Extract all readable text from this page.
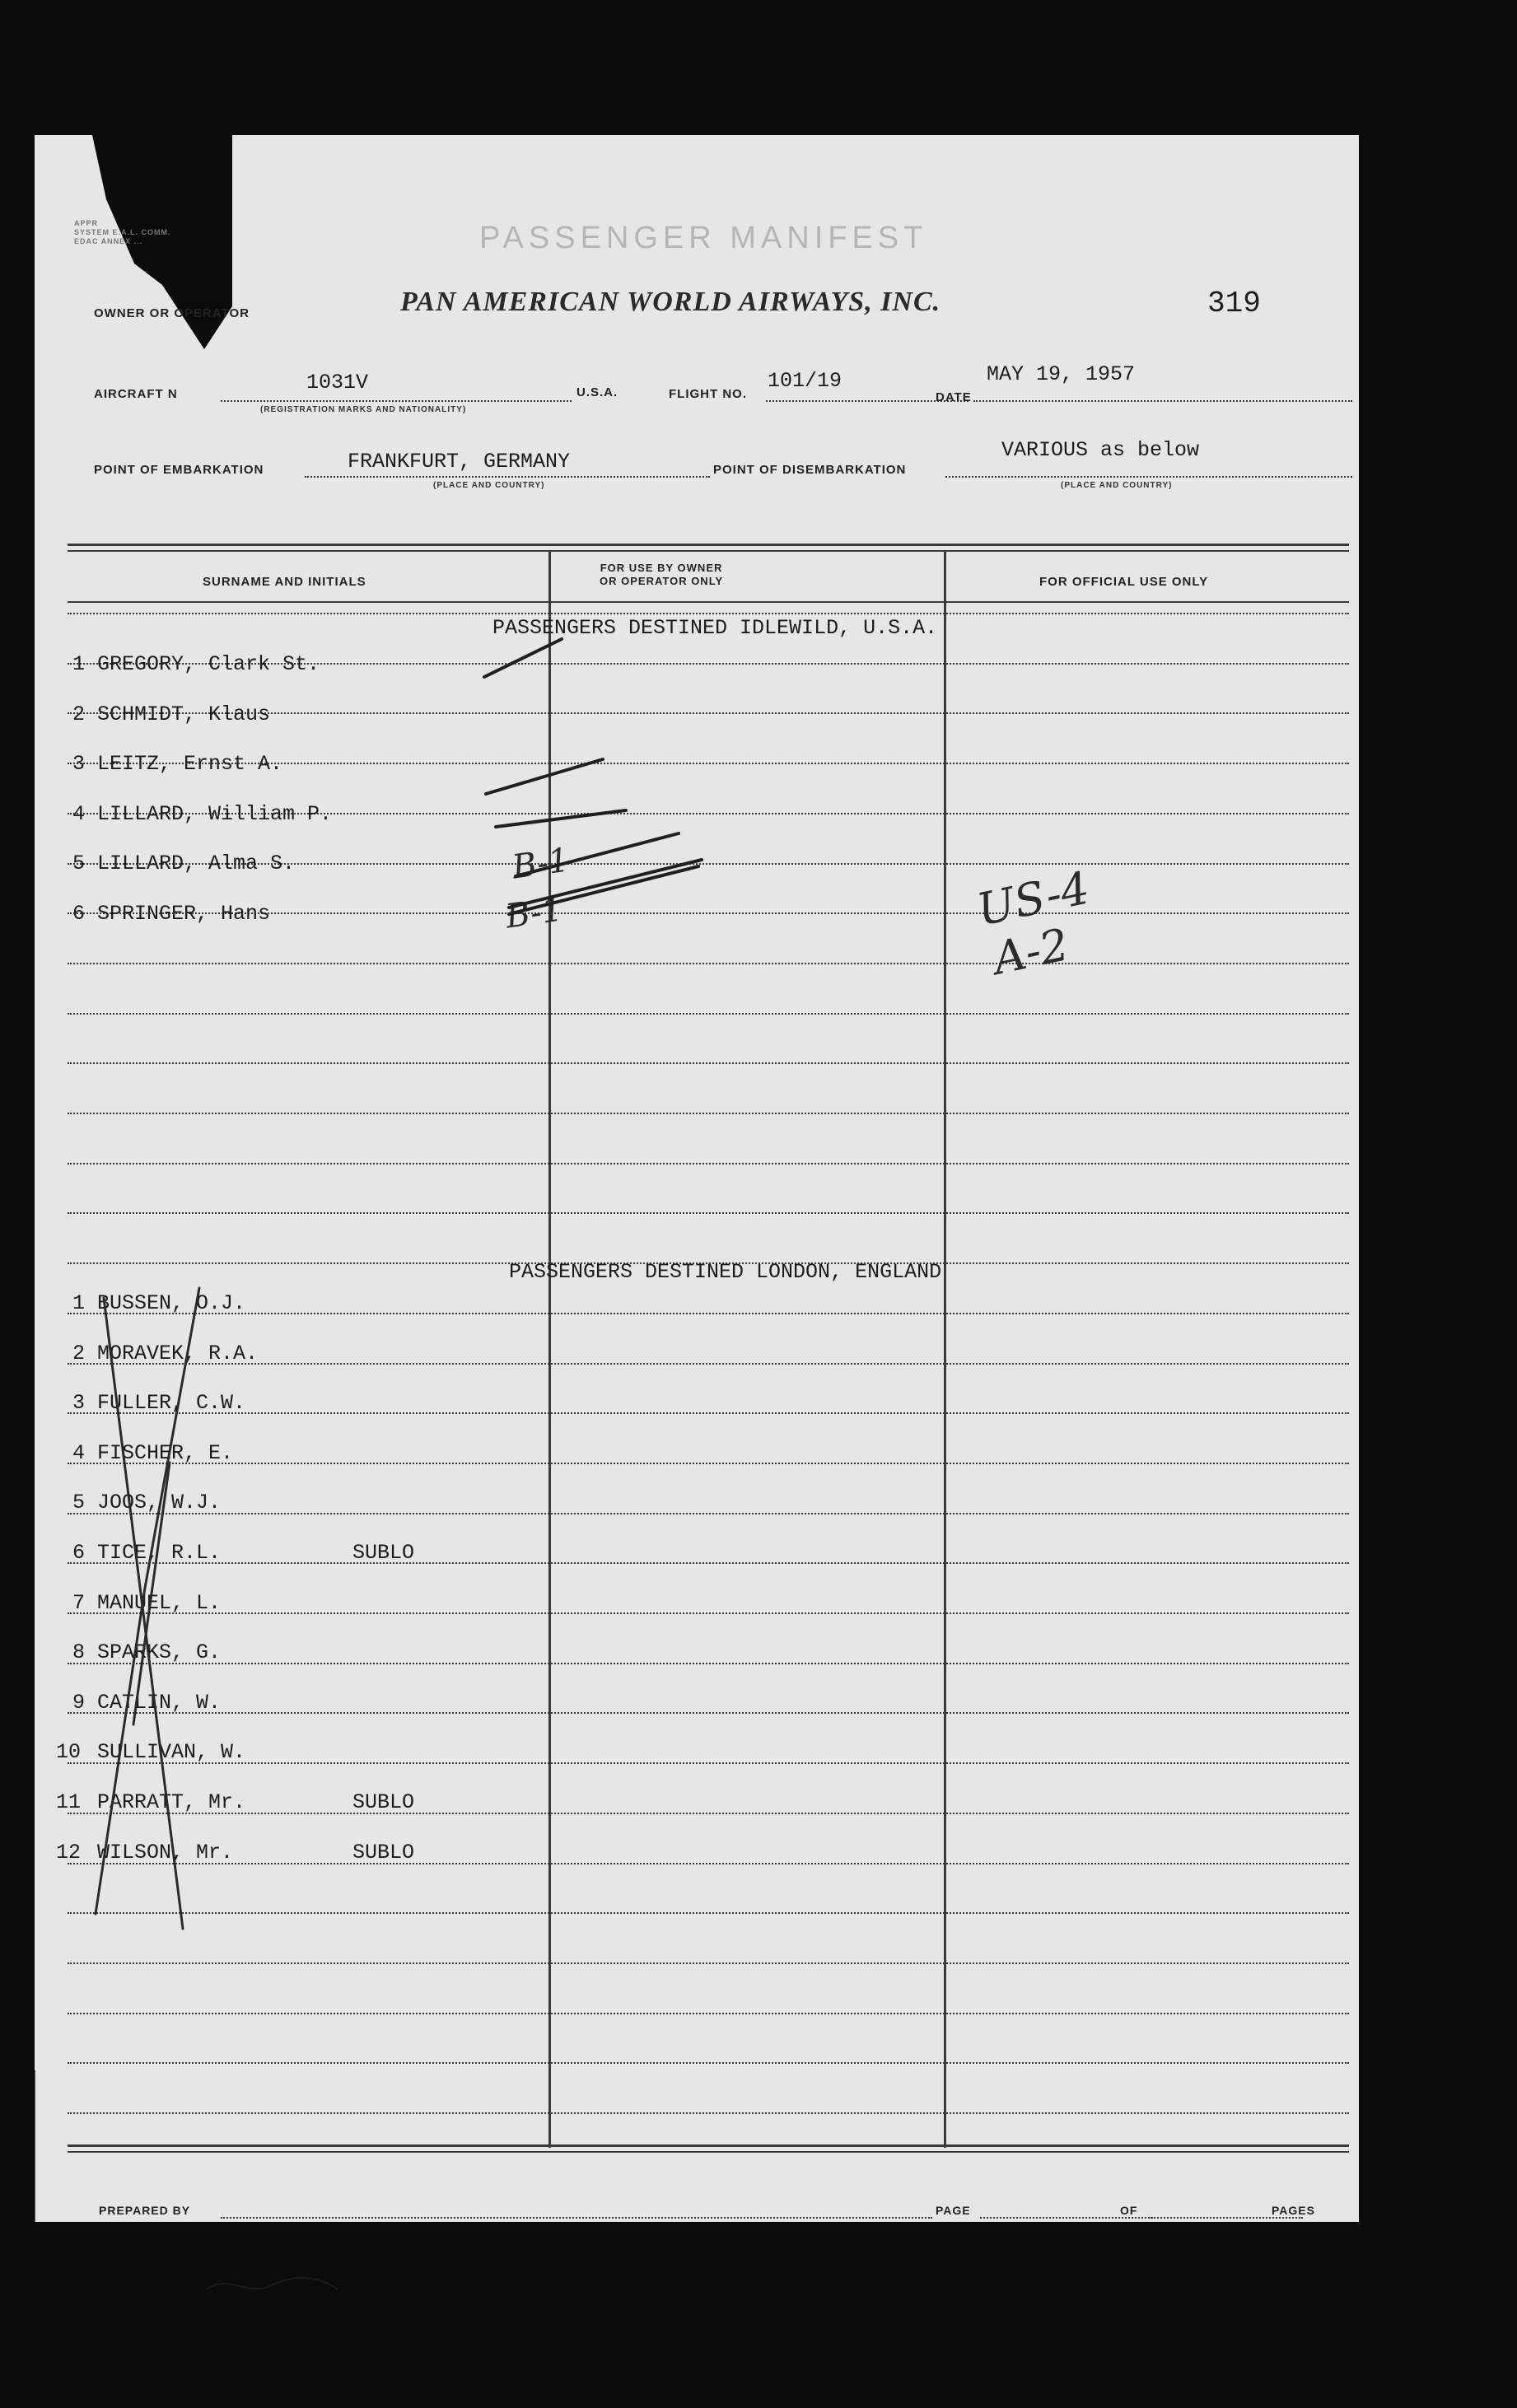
APPR
SYSTEM E.A.L. COMM.
EDAC ANNEX ...	PASSENGER MANIFEST
OWNER OR OPERATOR	PAN AMERICAN WORLD AIRWAYS, INC.	319
AIRCRAFT N	1031V
(REGISTRATION MARKS AND NATIONALITY)
U.S.A.	FLIGHT NO.
101/19
DATE
MAY 19, 1957
POINT OF EMBARKATION	FRANKFURT, GERMANY
(PLACE AND COUNTRY)
POINT OF DISEMBARKATION
VARIOUS as below
(PLACE AND COUNTRY)
SURNAME AND INITIALS
FOR USE BY OWNER
OR OPERATOR ONLY	FOR OFFICIAL USE ONLY
PASSENGERS DESTINED IDLEWILD, U.S.A.
1 GREGORY, Clark St.
2 SCHMIDT, Klaus
3 LEITZ, Ernst A.
4 LILLARD, William P.
5 LILLARD, Alma S.
6 SPRINGER, Hans
PASSENGERS DESTINED LONDON, ENGLAND
1 BUSSEN, O.J.
2 MORAVEK, R.A.
3 FULLER, C.W.
4 FISCHER, E.
5 JOOS, W.J.
6 TICE, R.L.	SUBLO
7 MANUEL, L.
8 SPARKS, G.
9 CATLIN, W.
10 SULLIVAN, W.
11 PARRATT, Mr.	SUBLO
12 WILSON, Mr.	SUBLO
PREPARED BY	PAGE	OF	PAGES
B-1
B-1	US-4
A-2
